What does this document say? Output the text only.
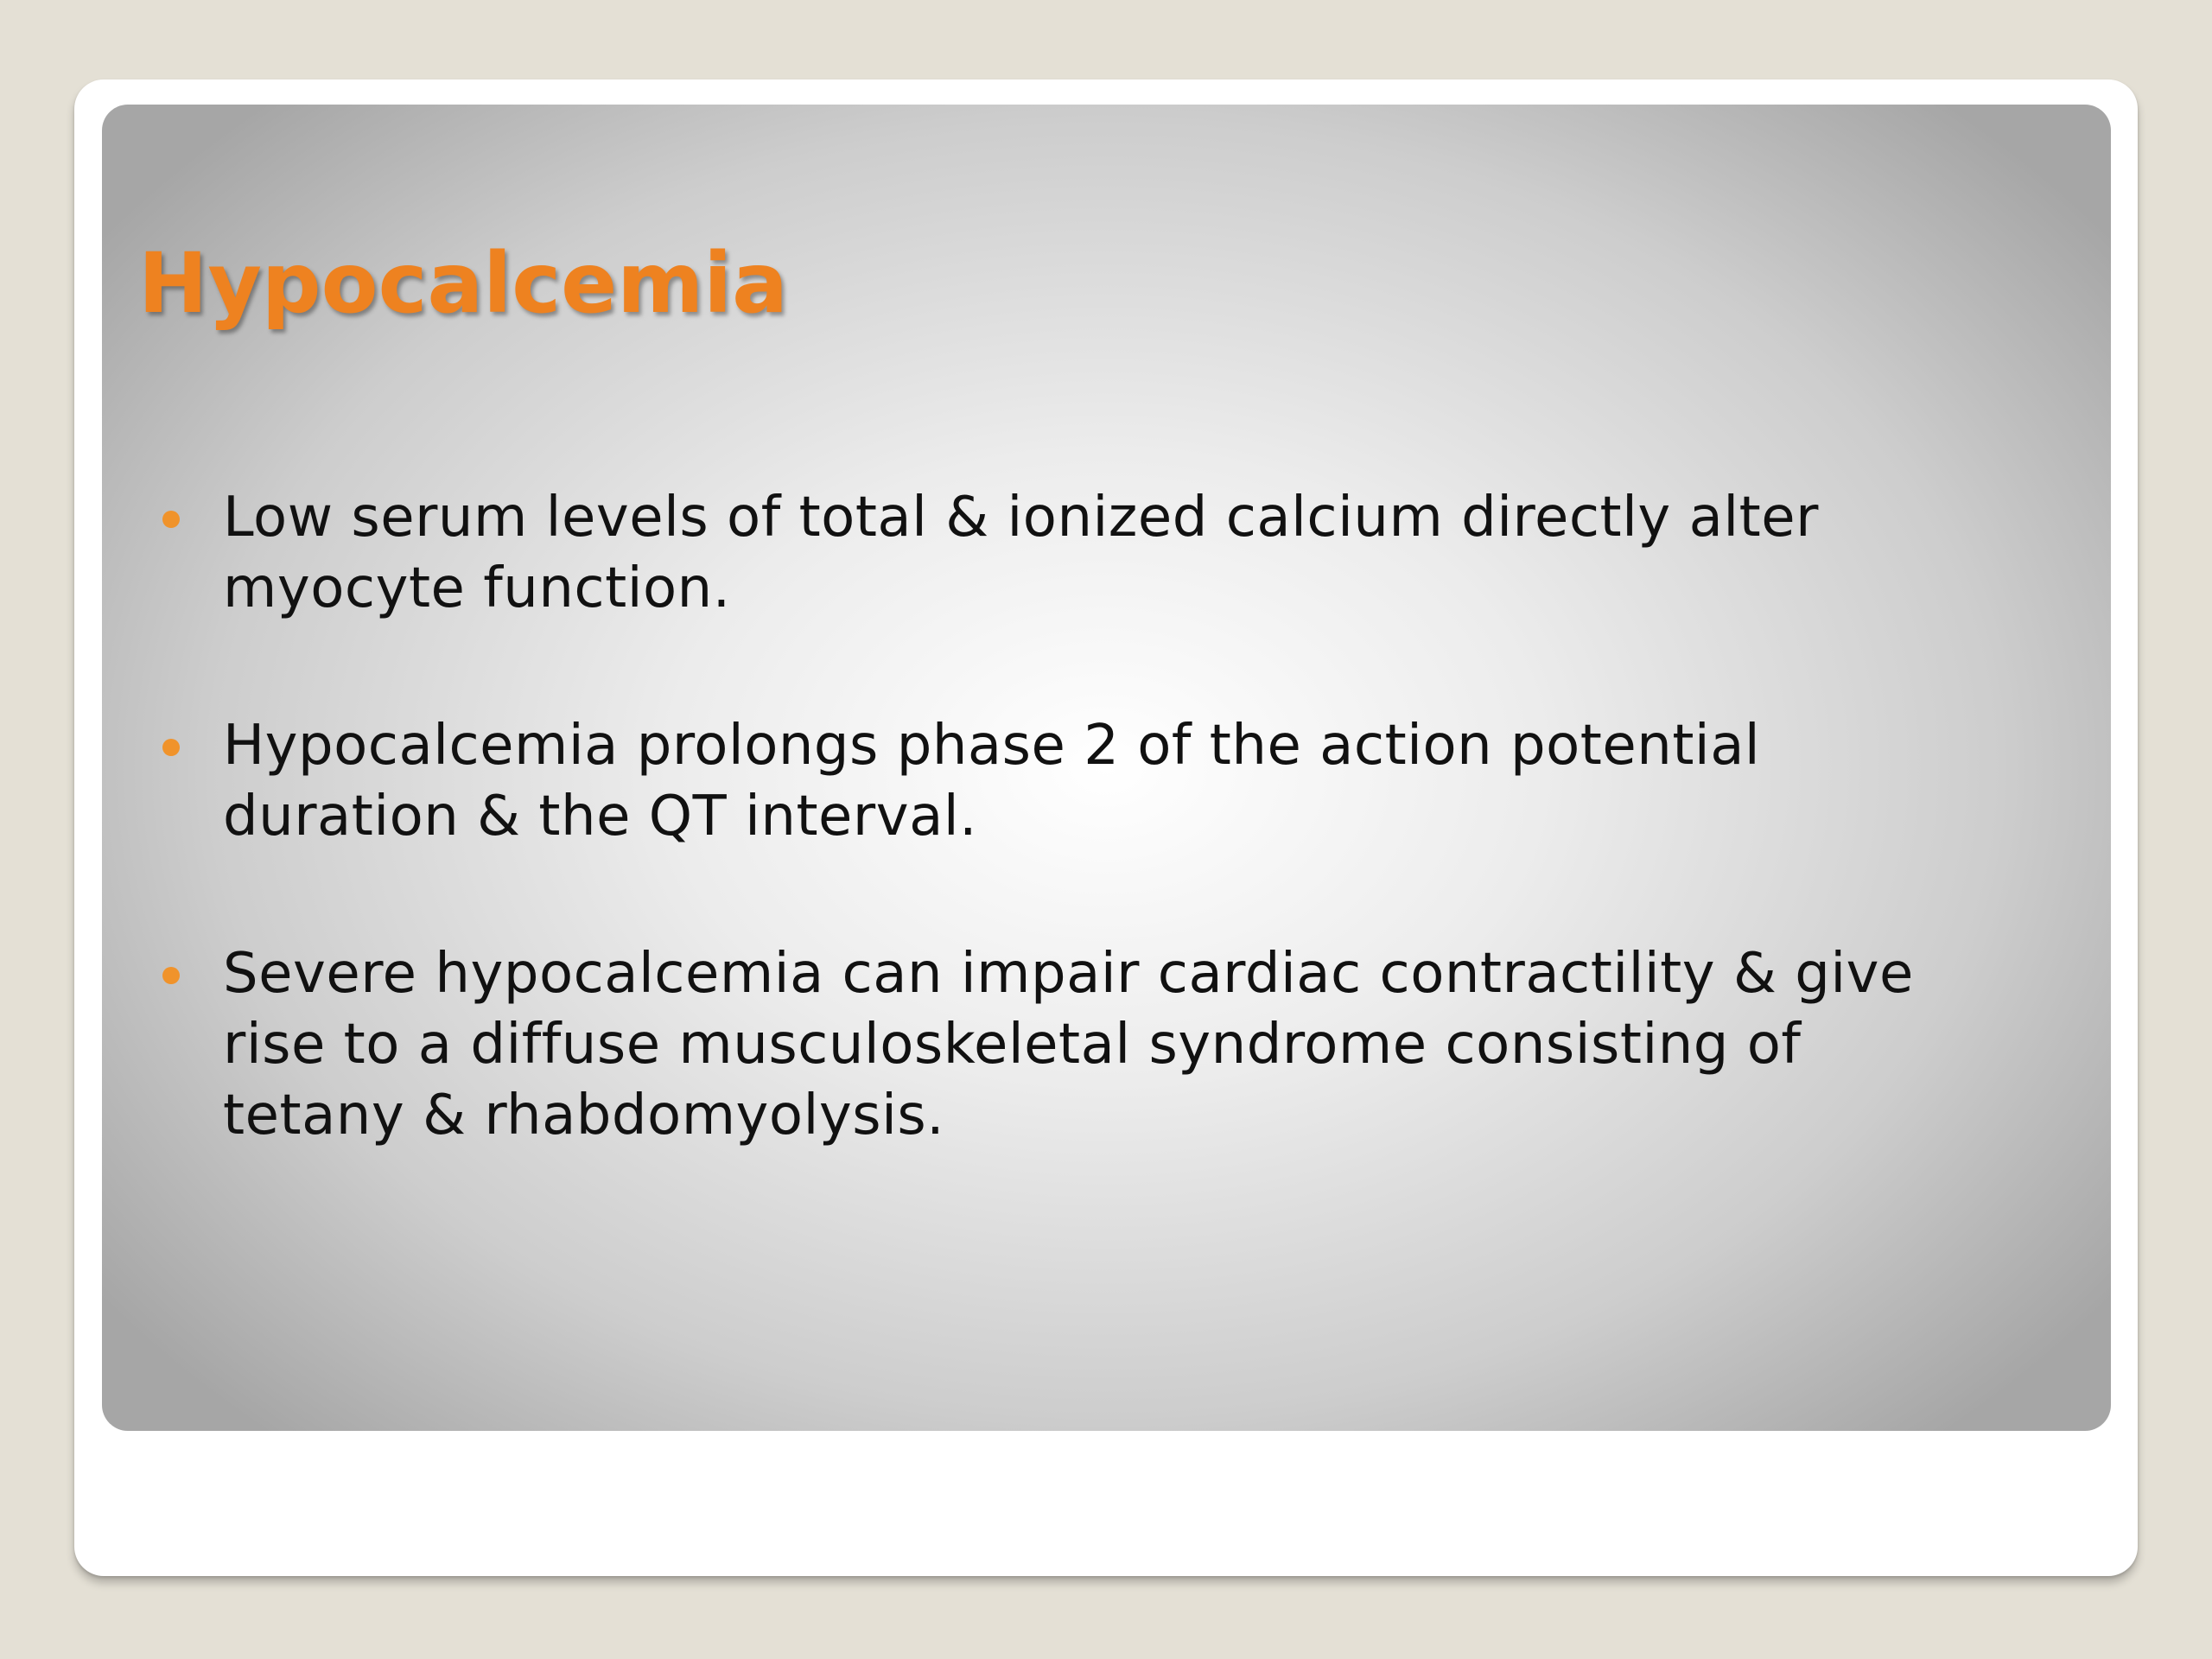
Hypocalcemia
Low serum levels of total & ionized calcium directly alter
myocyte function.
Hypocalcemia prolongs phase 2 of the action potential
duration & the QT interval.
Severe hypocalcemia can impair cardiac contractility & give
rise to a diffuse musculoskeletal syndrome consisting of
tetany & rhabdomyolysis.
